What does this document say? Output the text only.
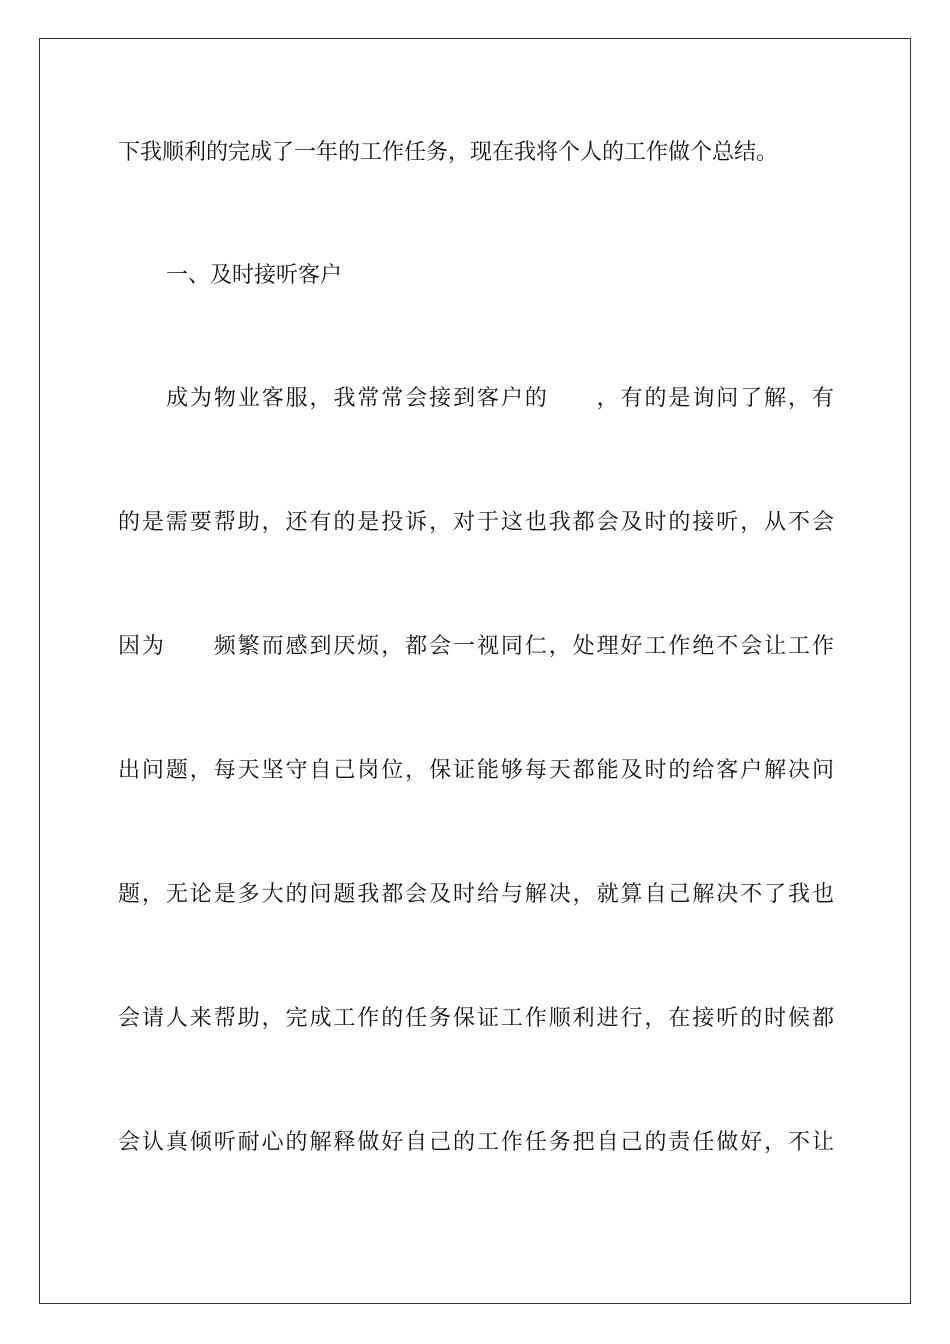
下我顺利的完成了一年的工作任务，现在我将个人的工作做个总结。
一、及时接听客户
成为物业客服，我常常会接到客户的　　，有的是询问了解，有
的是需要帮助，还有的是投诉，对于这也我都会及时的接听，从不会
因为　　频繁而感到厌烦，都会一视同仁，处理好工作绝不会让工作
出问题，每天坚守自己岗位，保证能够每天都能及时的给客户解决问
题，无论是多大的问题我都会及时给与解决，就算自己解决不了我也
会请人来帮助，完成工作的任务保证工作顺利进行，在接听的时候都
会认真倾听耐心的解释做好自己的工作任务把自己的责任做好，不让
